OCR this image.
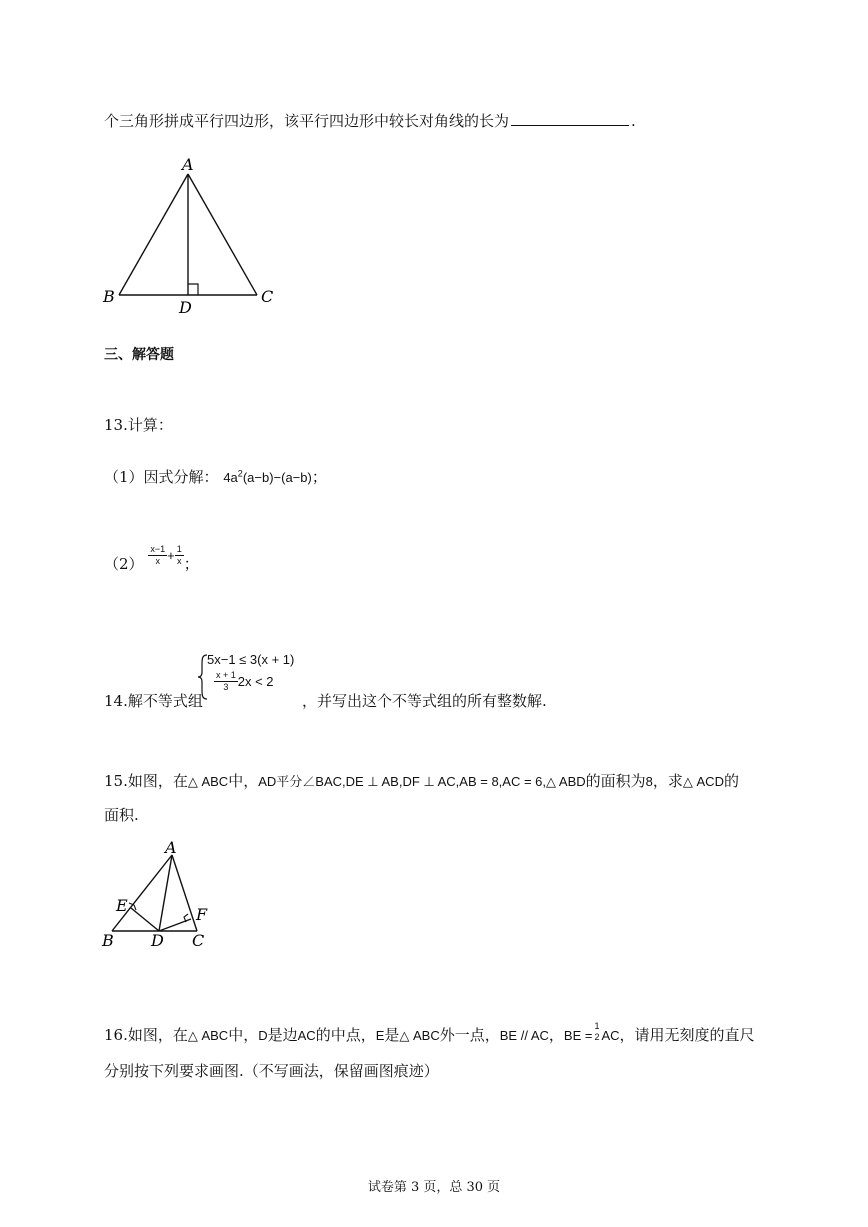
个三角形拼成平行四边形，该平行四边形中较长对角线的长为	.
A
B	C
D
三、解答题
13.计算：
（1）因式分解： $4a^2(a-b)-(a-b)$；
$(2) \frac{x-1}{x} + \frac{1}{x}$ ；
14.解不等式组
5x−1 ≤ 3(x + 1)
$\frac{x + 1}{3} 2x < 2$
，并写出这个不等式组的所有整数解.
15.如图，在△ ABC中，AD平分∠BAC,DE ⊥ AB,DF ⊥ AC,AB = 8,AC = 6,△ ABD的面积为8，求△ ACD的
面积.
A
B	C
D
E	F
16.如图，在△ ABC中，D是边AC的中点，E是△ ABC外一点，BE // AC，BE =
1
2 AC，请用无刻度的直尺
分别按下列要求画图.（不写画法，保留画图痕迹）
试卷第 3 页，总 30 页
